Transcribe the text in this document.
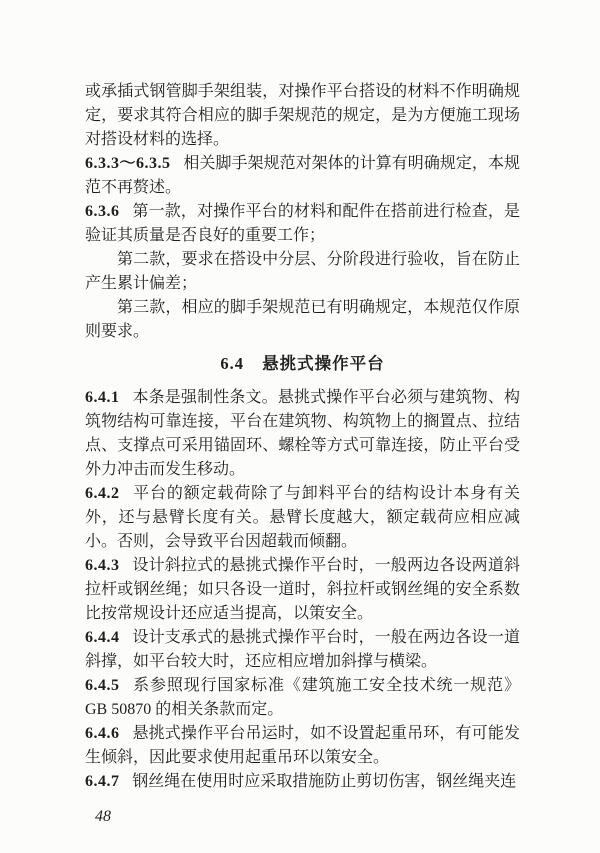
或承插式钢管脚手架组装，对操作平台搭设的材料不作明确规定，要求其符合相应的脚手架规范的规定，是为方便施工现场对搭设材料的选择。

6.3.3～6.3.5 相关脚手架规范对架体的计算有明确规定，本规范不再赘述。

6.3.6 第一款，对操作平台的材料和配件在搭前进行检查，是验证其质量是否良好的重要工作；

第二款，要求在搭设中分层、分阶段进行验收，旨在防止产生累计偏差；

第三款，相应的脚手架规范已有明确规定，本规范仅作原则要求。

6.4 悬挑式操作平台

6.4.1 本条是强制性条文。悬挑式操作平台必须与建筑物、构筑物结构可靠连接，平台在建筑物、构筑物上的搁置点、拉结点、支撑点可采用锚固环、螺栓等方式可靠连接，防止平台受外力冲击而发生移动。

6.4.2 平台的额定载荷除了与卸料平台的结构设计本身有关外，还与悬臂长度有关。悬臂长度越大，额定载荷应相应减小。否则，会导致平台因超载而倾翻。

6.4.3 设计斜拉式的悬挑式操作平台时，一般两边各设两道斜拉杆或钢丝绳；如只各设一道时，斜拉杆或钢丝绳的安全系数比按常规设计还应适当提高，以策安全。

6.4.4 设计支承式的悬挑式操作平台时，一般在两边各设一道斜撑，如平台较大时，还应相应增加斜撑与横梁。

6.4.5 系参照现行国家标准《建筑施工安全技术统一规范》GB 50870 的相关条款而定。

6.4.6 悬挑式操作平台吊运时，如不设置起重吊环，有可能发生倾斜，因此要求使用起重吊环以策安全。

6.4.7 钢丝绳在使用时应采取措施防止剪切伤害，钢丝绳夹连

48
